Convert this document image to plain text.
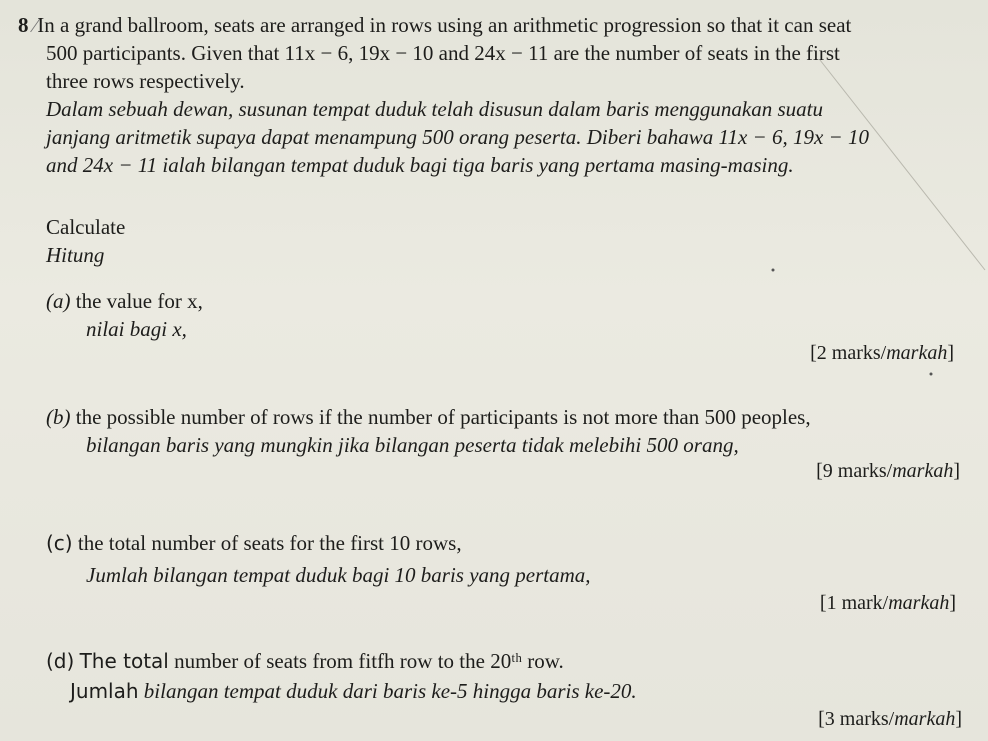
8 ⁄In a grand ballroom, seats are arranged in rows using an arithmetic progression so that it can seat
500 participants. Given that 11x − 6, 19x − 10 and 24x − 11 are the number of seats in the first
three rows respectively.
Dalam sebuah dewan, susunan tempat duduk telah disusun dalam baris menggunakan suatu
janjang aritmetik supaya dapat menampung 500 orang peserta. Diberi bahawa 11x − 6, 19x − 10
and 24x − 11 ialah bilangan tempat duduk bagi tiga baris yang pertama masing-masing.
Calculate
Hitung
(a) the value for x,
nilai bagi x,
[2 marks/markah]
(b) the possible number of rows if the number of participants is not more than 500 peoples,
bilangan baris yang mungkin jika bilangan peserta tidak melebihi 500 orang,
[9 marks/markah]
(c) the total number of seats for the first 10 rows,
Jumlah bilangan tempat duduk bagi 10 baris yang pertama,
[1 mark/markah]
(d) The total number of seats from fitfh row to the 20ᵗʰ row.
Jumlah bilangan tempat duduk dari baris ke-5 hingga baris ke-20.
[3 marks/markah]
